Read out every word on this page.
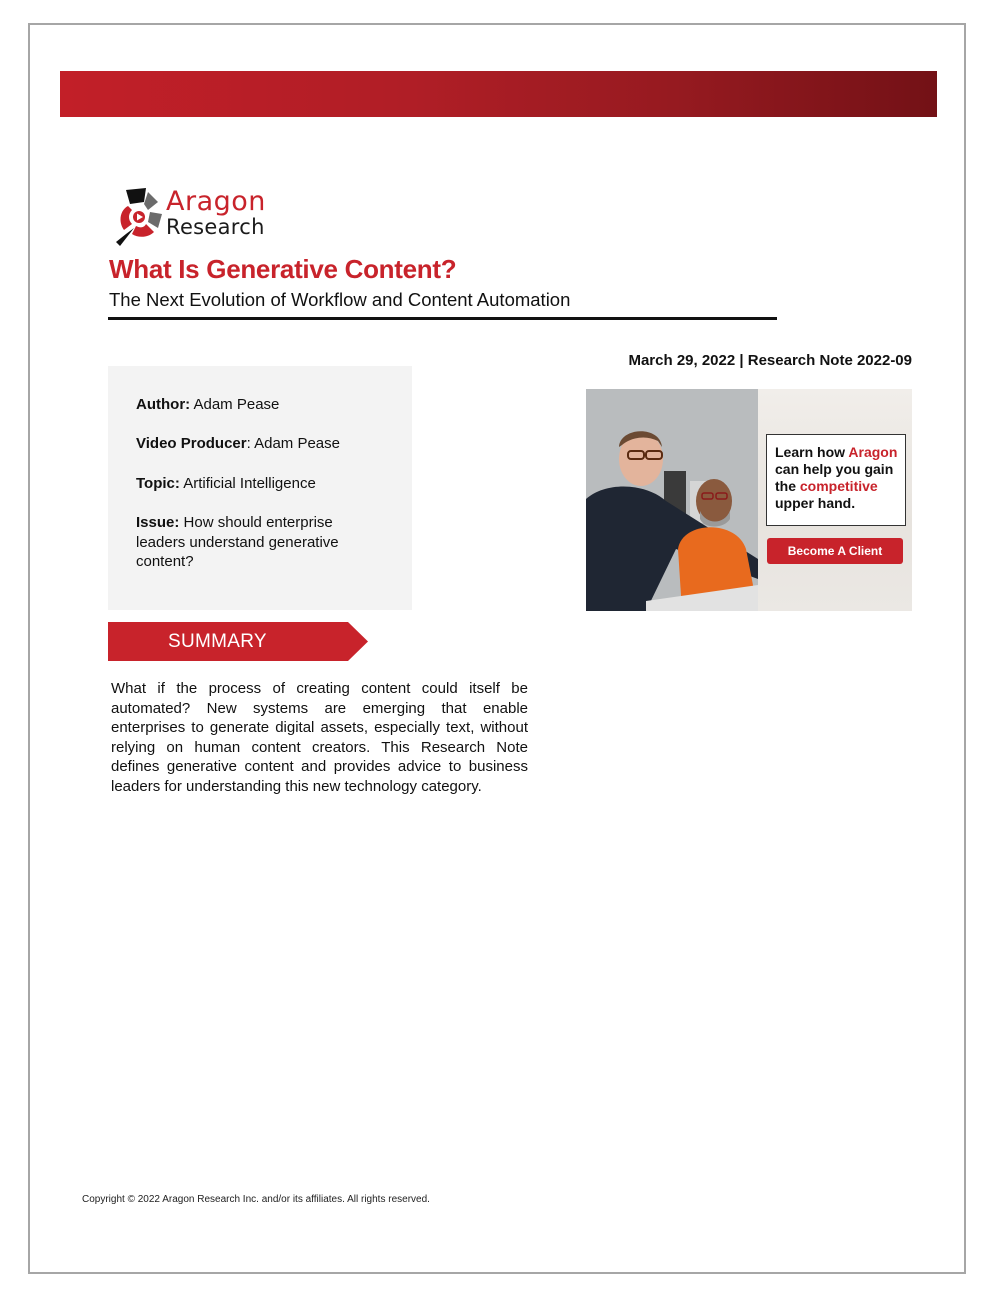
Aragon
Research
What Is Generative Content?
The Next Evolution of Workflow and Content Automation
March 29, 2022 | Research Note 2022-09
Author: Adam Pease
Video Producer: Adam Pease
Topic: Artificial Intelligence
Issue: How should enterprise leaders understand generative content?
SUMMARY
What if the process of creating content could itself be automated? New systems are emerging that enable enterprises to generate digital assets, especially text, without relying on human content creators. This Research Note defines generative content and provides advice to business leaders for understanding this new technology category.
Learn how Aragon
can help you gain
the competitive
upper hand.
Become A Client
Copyright © 2022 Aragon Research Inc. and/or its affiliates. All rights reserved.
